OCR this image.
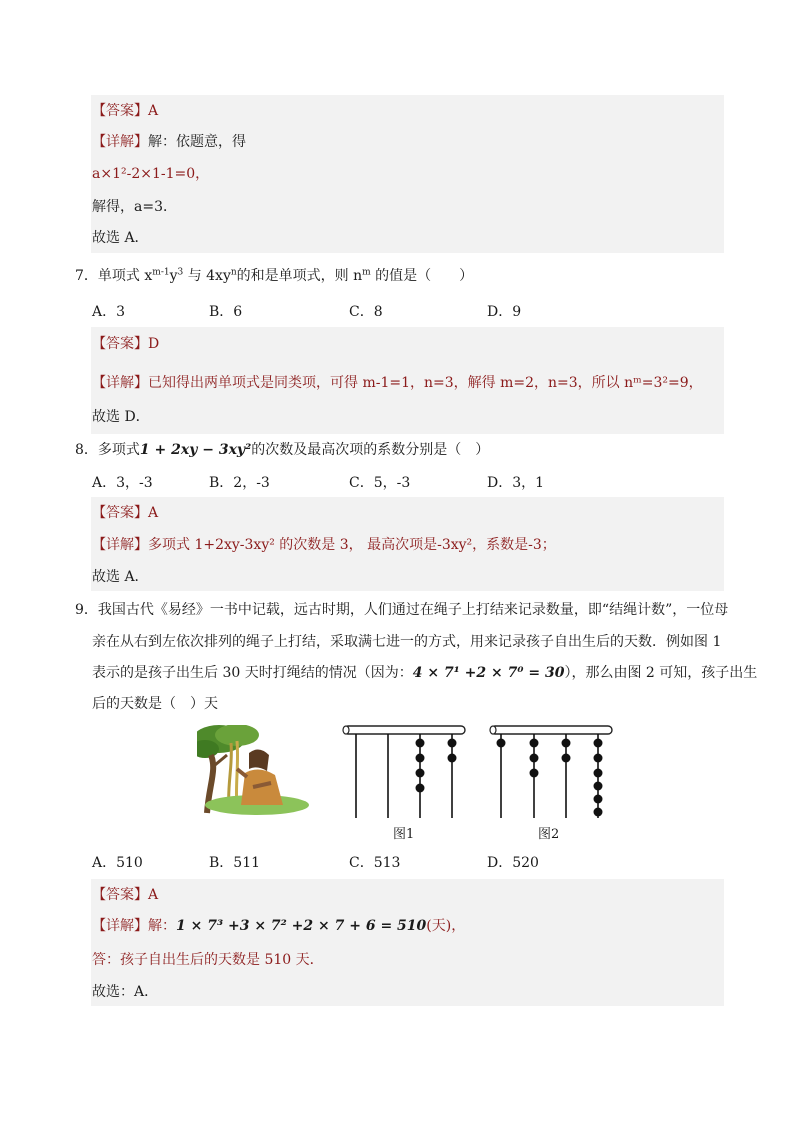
【答案】A
【详解】解：依题意，得
a×1²-2×1-1=0，
解得，a=3．
故选 A．
7．单项式 $x^{m-1}y^3$ 与 $4xy^n$的和是单项式，则 $n^m$ 的值是（　　）
A．3	B．6	C．8	D．9
【答案】D
【详解】已知得出两单项式是同类项，可得 m-1=1，n=3，解得 m=2，n=3，所以 nᵐ=3²=9，
故选 D．
8．多项式1 + 2xy − 3xy²的次数及最高次项的系数分别是（　）
A．3，-3	B．2，-3	C．5，-3	D．3，1
【答案】A
【详解】多项式 1+2xy-3xy² 的次数是 3， 最高次项是-3xy²，系数是-3；
故选 A．
9．我国古代《易经》一书中记载，远古时期，人们通过在绳子上打结来记录数量，即“结绳计数”，一位母
亲在从右到左依次排列的绳子上打结，采取满七进一的方式，用来记录孩子自出生后的天数．例如图 1
表示的是孩子出生后 30 天时打绳结的情况（因为：4 × 7¹ +2 × 7⁰ = 30），那么由图 2 可知，孩子出生
后的天数是（　）天
图1	图2
A．510	B．511	C．513	D．520
【答案】A
【详解】解：1 × 7³ +3 × 7² +2 × 7 + 6 = 510(天)，
答：孩子自出生后的天数是 510 天．
故选：A．
